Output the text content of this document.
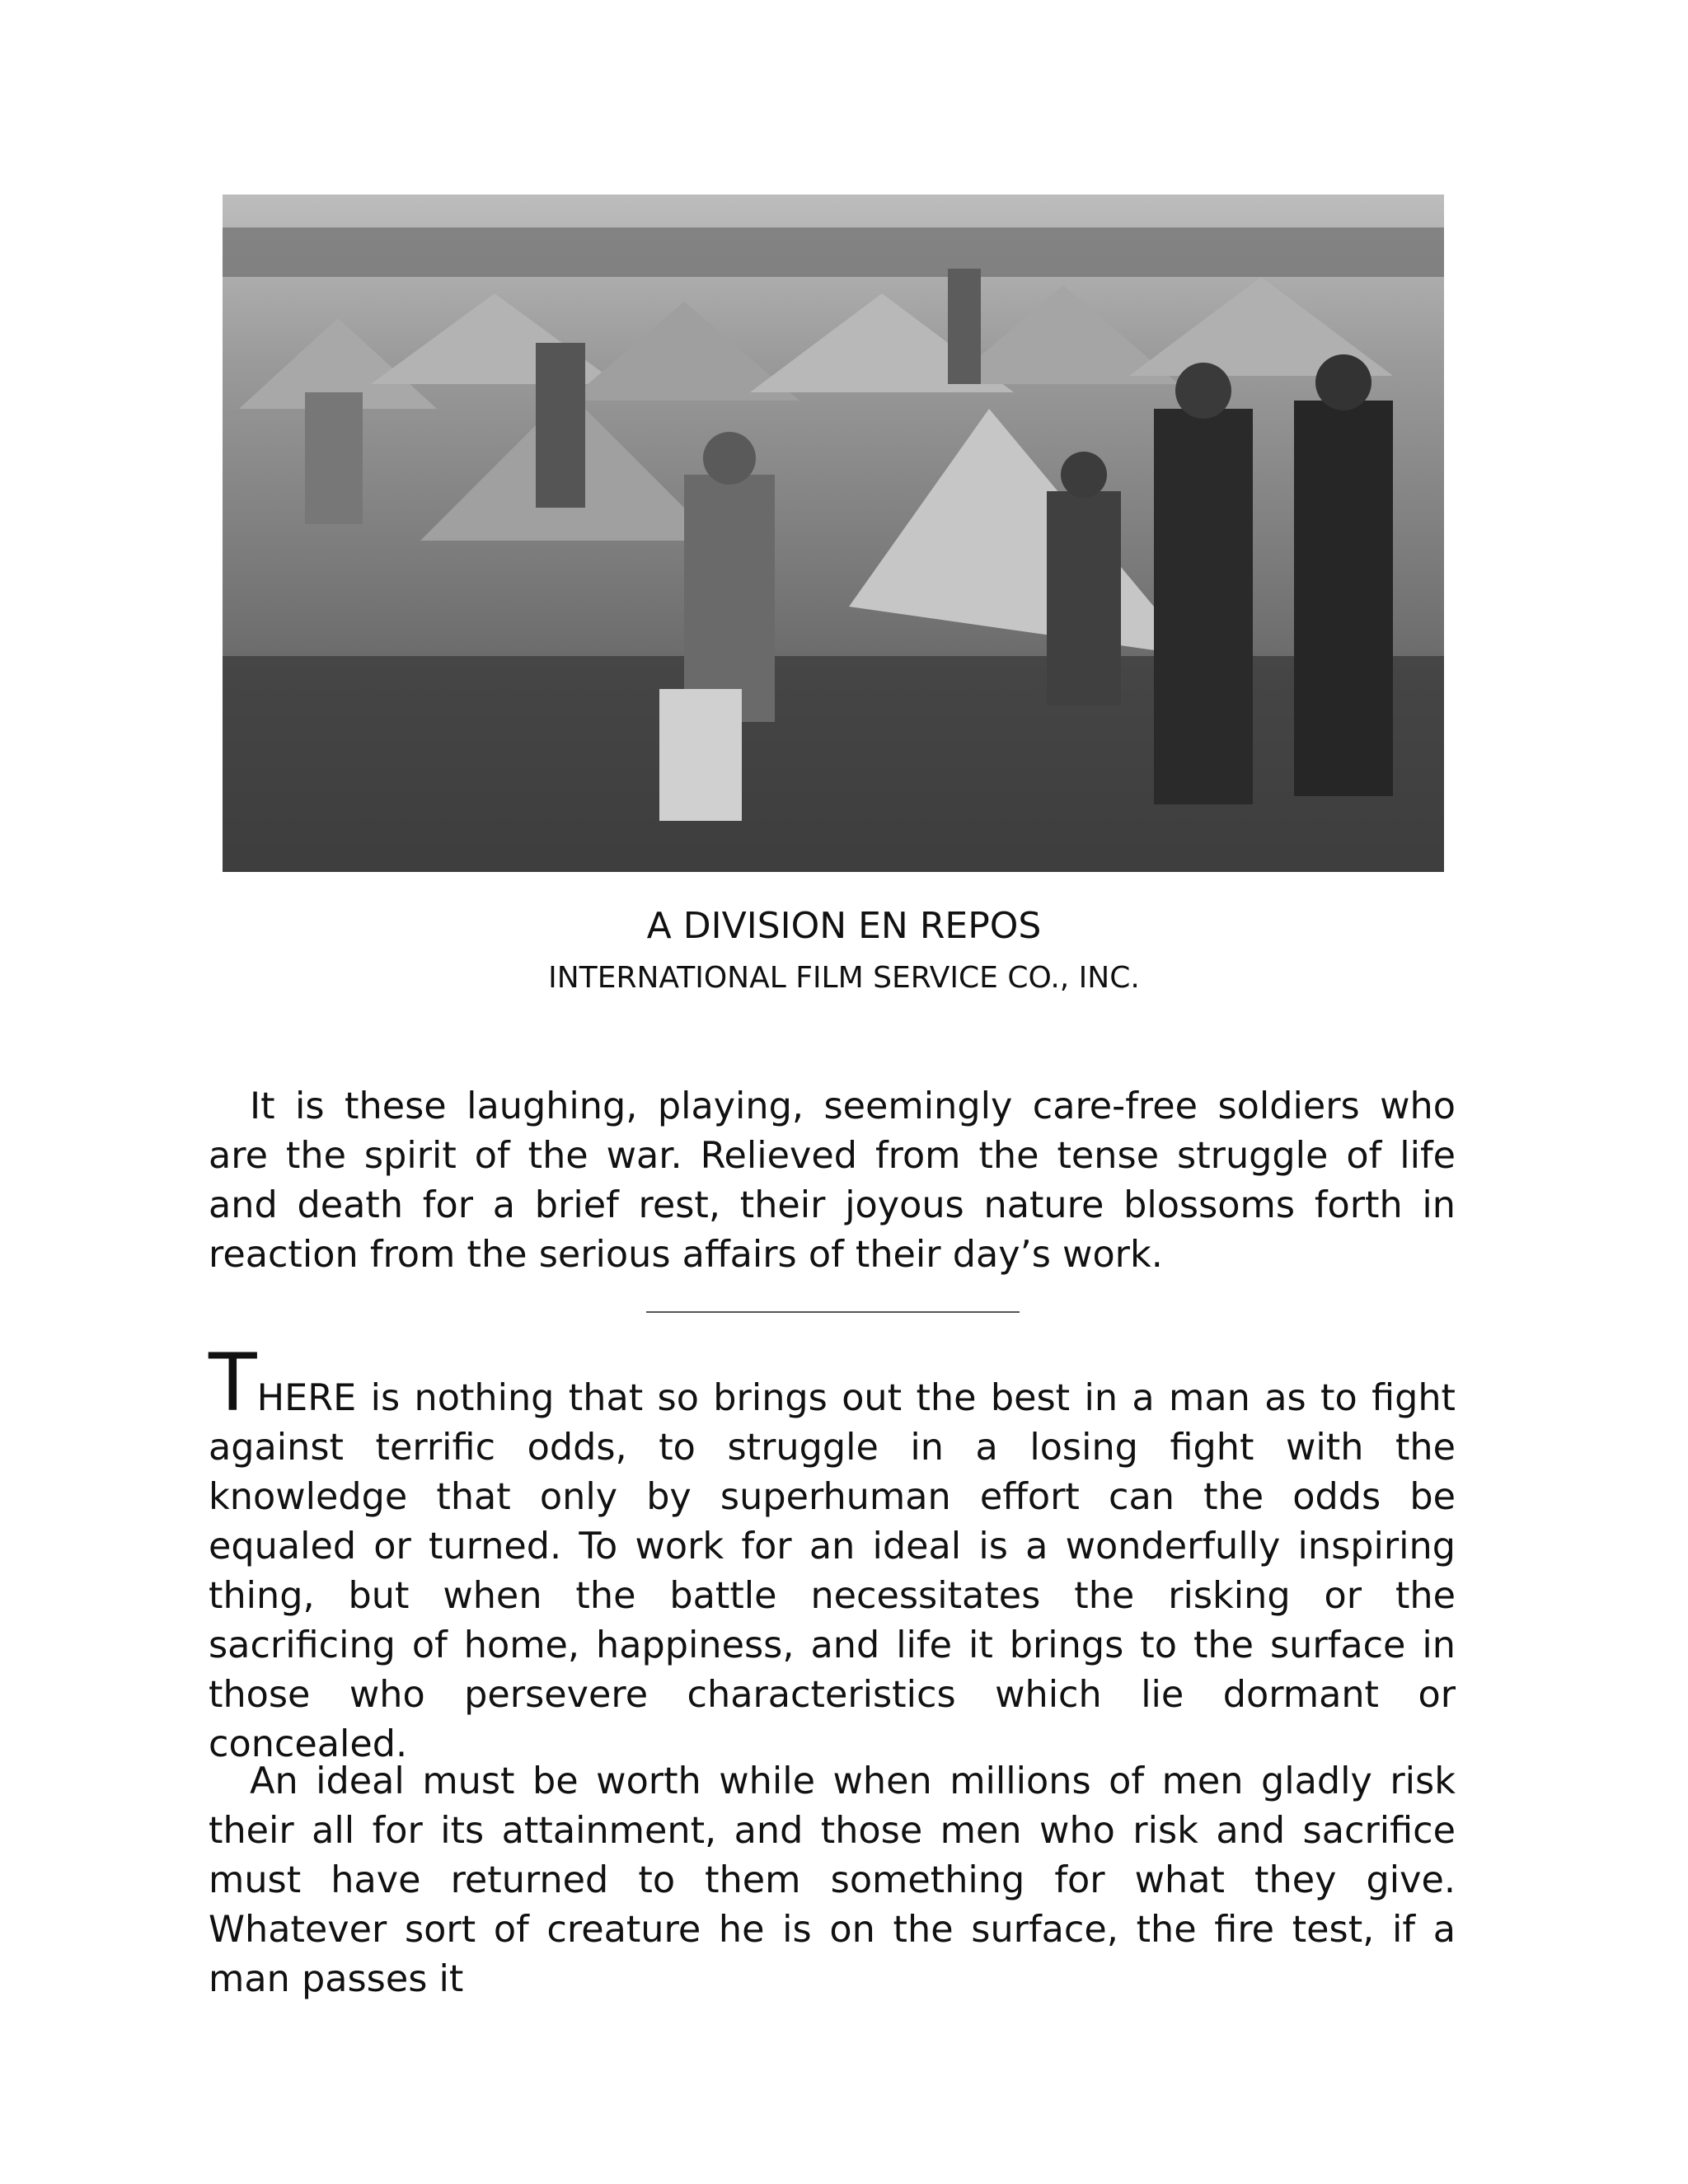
A DIVISION EN REPOS
INTERNATIONAL FILM SERVICE CO., INC.

It is these laughing, playing, seemingly care-free soldiers who are the spirit of the war. Relieved from the tense struggle of life and death for a brief rest, their joyous nature blossoms forth in reaction from the serious affairs of their day’s work.

THERE is nothing that so brings out the best in a man as to fight against terrific odds, to struggle in a losing fight with the knowledge that only by superhuman effort can the odds be equaled or turned. To work for an ideal is a wonderfully inspiring thing, but when the battle necessitates the risking or the sacrificing of home, happiness, and life it brings to the surface in those who persevere characteristics which lie dormant or concealed.

An ideal must be worth while when millions of men gladly risk their all for its attainment, and those men who risk and sacrifice must have returned to them something for what they give. Whatever sort of creature he is on the surface, the fire test, if a man passes it
